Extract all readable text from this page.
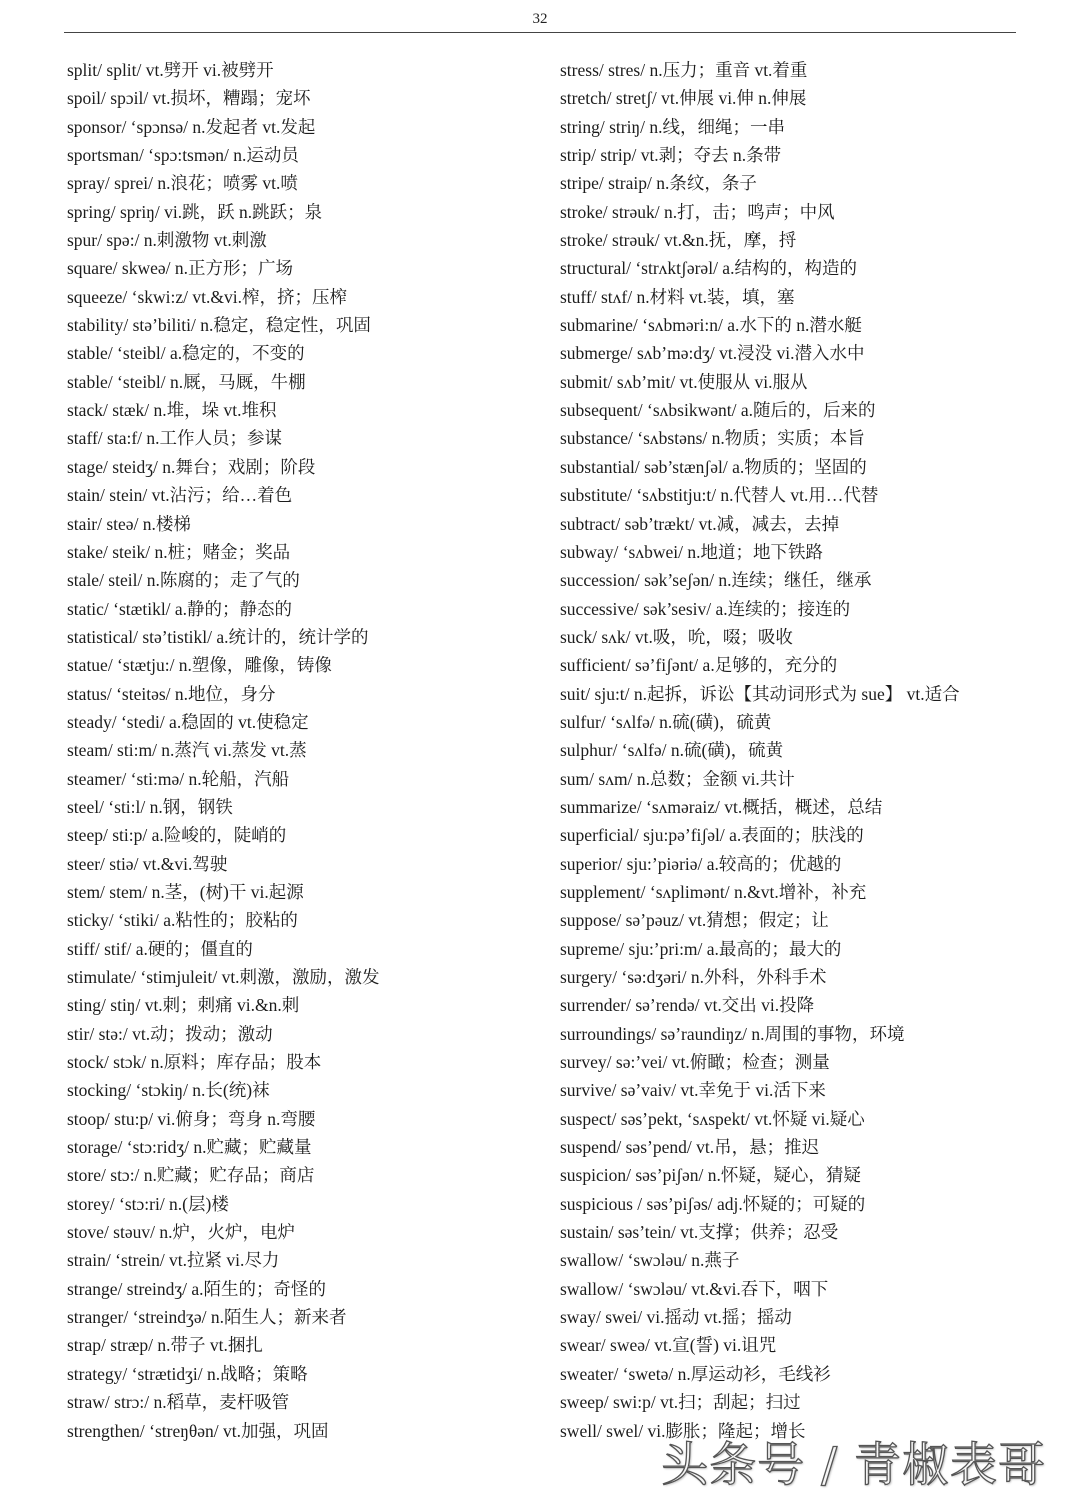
32
split/ split/ vt.劈开 vi.被劈开
spoil/ spɔil/ vt.损坏，糟蹋；宠坏
sponsor/ ‘spɔnsə/ n.发起者 vt.发起
sportsman/ ‘spɔ:tsmən/ n.运动员
spray/ sprei/ n.浪花；喷雾 vt.喷
spring/ spriŋ/ vi.跳，跃 n.跳跃；泉
spur/ spə:/ n.刺激物 vt.刺激
square/ skweə/ n.正方形；广场
squeeze/ ‘skwi:z/ vt.&vi.榨，挤；压榨
stability/ stə’biliti/ n.稳定，稳定性，巩固
stable/ ‘steibl/ a.稳定的，不变的
stable/ ‘steibl/ n.厩，马厩，牛棚
stack/ stæk/ n.堆，垛 vt.堆积
staff/ sta:f/ n.工作人员；参谋
stage/ steidʒ/ n.舞台；戏剧；阶段
stain/ stein/ vt.沾污；给…着色
stair/ steə/ n.楼梯
stake/ steik/ n.桩；赌金；奖品
stale/ steil/ n.陈腐的；走了气的
static/ ‘stætikl/ a.静的；静态的
statistical/ stə’tistikl/ a.统计的，统计学的
statue/ ‘stætju:/ n.塑像，雕像，铸像
status/ ‘steitəs/ n.地位，身分
steady/ ‘stedi/ a.稳固的 vt.使稳定
steam/ sti:m/ n.蒸汽 vi.蒸发 vt.蒸
steamer/ ‘sti:mə/ n.轮船，汽船
steel/ ‘sti:l/ n.钢，钢铁
steep/ sti:p/ a.险峻的，陡峭的
steer/ stiə/ vt.&vi.驾驶
stem/ stem/ n.茎，(树)干 vi.起源
sticky/ ‘stiki/ a.粘性的；胶粘的
stiff/ stif/ a.硬的；僵直的
stimulate/ ‘stimjuleit/ vt.刺激，激励，激发
sting/ stiŋ/ vt.刺；刺痛 vi.&n.刺
stir/ stə:/ vt.动；拨动；激动
stock/ stɔk/ n.原料；库存品；股本
stocking/ ‘stɔkiŋ/ n.长(统)袜
stoop/ stu:p/ vi.俯身；弯身 n.弯腰
storage/ ‘stɔ:ridʒ/ n.贮藏；贮藏量
store/ stɔ:/ n.贮藏；贮存品；商店
storey/ ‘stɔ:ri/ n.(层)楼
stove/ stəuv/ n.炉，火炉，电炉
strain/ ‘strein/ vt.拉紧 vi.尽力
strange/ streindʒ/ a.陌生的；奇怪的
stranger/ ‘streindʒə/ n.陌生人；新来者
strap/ stræp/ n.带子 vt.捆扎
strategy/ ‘strætidʒi/ n.战略；策略
straw/ strɔ:/ n.稻草，麦杆吸管
strengthen/ ‘streŋθən/ vt.加强，巩固
stress/ stres/ n.压力；重音 vt.着重
stretch/ stretʃ/ vt.伸展 vi.伸 n.伸展
string/ striŋ/ n.线，细绳；一串
strip/ strip/ vt.剥；夺去 n.条带
stripe/ straip/ n.条纹，条子
stroke/ strəuk/ n.打，击；鸣声；中风
stroke/ strəuk/ vt.&n.抚，摩，捋
structural/ ‘strʌktʃərəl/ a.结构的，构造的
stuff/ stʌf/ n.材料 vt.装，填，塞
submarine/ ‘sʌbməri:n/ a.水下的 n.潜水艇
submerge/ sʌb’mə:dʒ/ vt.浸没 vi.潜入水中
submit/ sʌb’mit/ vt.使服从 vi.服从
subsequent/ ‘sʌbsikwənt/ a.随后的，后来的
substance/ ‘sʌbstəns/ n.物质；实质；本旨
substantial/ səb’stænʃəl/ a.物质的；坚固的
substitute/ ‘sʌbstitju:t/ n.代替人 vt.用…代替
subtract/ səb’trækt/ vt.减，减去，去掉
subway/ ‘sʌbwei/ n.地道；地下铁路
succession/ sək’seʃən/ n.连续；继任，继承
successive/ sək’sesiv/ a.连续的；接连的
suck/ sʌk/ vt.吸，吮，啜；吸收
sufficient/ sə’fiʃənt/ a.足够的，充分的
suit/ sju:t/ n.起拆，诉讼【其动词形式为 sue】 vt.适合
sulfur/ ‘sʌlfə/ n.硫(磺)，硫黄
sulphur/ ‘sʌlfə/ n.硫(磺)，硫黄
sum/ sʌm/ n.总数；金额 vi.共计
summarize/ ‘sʌməraiz/ vt.概括，概述，总结
superficial/ sju:pə’fiʃəl/ a.表面的；肤浅的
superior/ sju:’piəriə/ a.较高的；优越的
supplement/ ‘sʌplimənt/ n.&vt.增补，补充
suppose/ sə’pəuz/ vt.猜想；假定；让
supreme/ sju:’pri:m/ a.最高的；最大的
surgery/ ‘sə:dʒəri/ n.外科，外科手术
surrender/ sə’rendə/ vt.交出 vi.投降
surroundings/ sə’raundiŋz/ n.周围的事物，环境
survey/ sə:’vei/ vt.俯瞰；检查；测量
survive/ sə’vaiv/ vt.幸免于 vi.活下来
suspect/ səs’pekt, ‘sʌspekt/ vt.怀疑 vi.疑心
suspend/ səs’pend/ vt.吊，悬；推迟
suspicion/ səs’piʃən/ n.怀疑，疑心，猜疑
suspicious / səs’piʃəs/ adj.怀疑的；可疑的
sustain/ səs’tein/ vt.支撑；供养；忍受
swallow/ ‘swɔləu/ n.燕子
swallow/ ‘swɔləu/ vt.&vi.吞下，咽下
sway/ swei/ vi.摇动 vt.摇；摇动
swear/ sweə/ vt.宣(誓) vi.诅咒
sweater/ ‘swetə/ n.厚运动衫，毛线衫
sweep/ swi:p/ vt.扫；刮起；扫过
swell/ swel/ vi.膨胀；隆起；增长
头条号 / 青椒表哥
